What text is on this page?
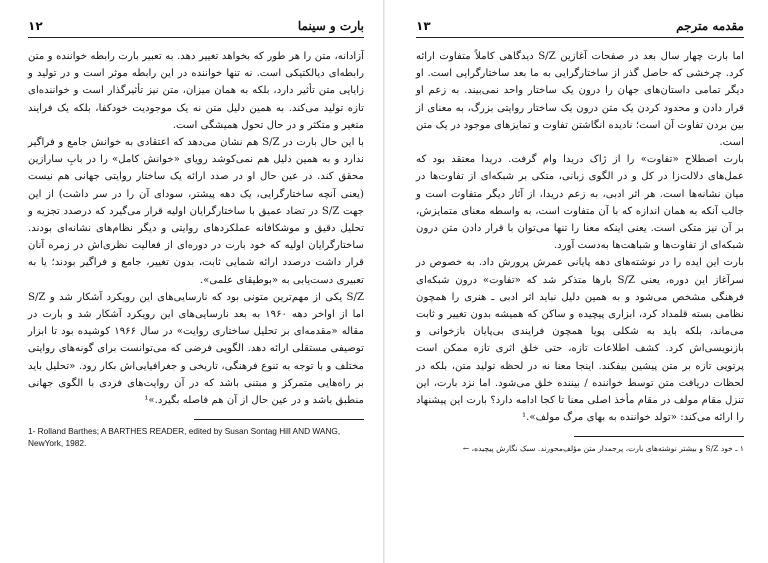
بارت و سینما
۱۲

آزادانه، متن را هر طور که بخواهد تغییر دهد. به تعبیر بارت رابطه خواننده و متن رابطه‌ای دیالکتیکی است. نه تنها خواننده در این رابطه موثر است و در تولید و زایایی متن تأثیر دارد، بلکه به همان میزان، متن نیز تأثیرگذار است و خواننده‌ای تازه تولید می‌کند. به همین دلیل متن نه یک موجودیت خودکفا، بلکه یک فرایند متغیر و متکثر و در حال تحول همیشگی است.

با این حال بارت در S/Z هم نشان می‌دهد که اعتقادی به خوانش جامع و فراگیر ندارد و به همین دلیل هم نمی‌کوشد رویای «خوانش کامل» را در بابِ سارازین محقق کند. در عین حال او در صدد ارائه یک ساختار روایتی جهانی هم نیست (یعنی آنچه ساختارگرایی، یک دهه پیشتر، سودای آن را در سر داشت) از این جهت S/Z در تضاد عمیق با ساختارگرایان اولیه قرار می‌گیرد که درصدد تجزیه و تحلیل دقیق و موشکافانه عملکردهای روایتی و دیگر نظام‌های نشانه‌ای بودند. ساختارگرایان اولیه که خود بارت در دوره‌ای از فعالیت نظری‌اش در زمره آنان قرار داشت درصدد ارائه شمایی ثابت، بدون تغییر، جامع و فراگیر بودند؛ یا به تعبیری دست‌یابی به «بوطیقای علمی».

S/Z یکی از مهم‌ترین متونی بود که نارسایی‌های این رویکرد آشکار شد و S/Z اما از اواخر دهه ۱۹۶۰ به بعد نارسایی‌های این رویکرد آشکار شد و بارت در مقاله «مقدمه‌ای بر تحلیل ساختاری روایت» در سال ۱۹۶۶ کوشیده بود تا ابزار توصیفی مستقلی ارائه دهد. الگویی فرضی که می‌توانست برای گونه‌های روایتی مختلف و با توجه به تنوع فرهنگی، تاریخی و جغرافیایی‌اش بکار رود. «تحلیل باید بر راه‌هایی متمرکز و مبتنی باشد که در آن روایت‌های فردی با الگوی جهانی منطبق باشد و در عین حال از آن هم فاصله بگیرد.»¹

1- Rolland Barthes; A BARTHES READER, edited by Susan Sontag Hill AND WANG, NewYork, 1982.
مقدمه مترجم
۱۳

اما بارت چهار سال بعد در صفحات آغازین S/Z دیدگاهی کاملاً متفاوت ارائه کرد. چرخشی که حاصل گذر از ساختارگرایی به ما بعد ساختارگرایی است. او دیگر تمامی داستان‌های جهان را درون یک ساختار واحد نمی‌بیند. به زعم او قرار دادن و محدود کردن یک متن درون یک ساختار روایتی بزرگ، به معنای از بین بردن تفاوت آن است؛ نادیده انگاشتن تفاوت و تمایزهای موجود در یک متن است.

بارت اصطلاح «تفاوت» را از ژاک دریدا وام گرفت. دریدا معتقد بود که عمل‌های دلالت‌زا در کل و در الگوی زبانی، متکی بر شبکه‌ای از تفاوت‌ها در میان نشانه‌ها است. هر اثر ادبی، به زعم دریدا، از آثار دیگر متفاوت است و جالب آنکه به همان اندازه که با آن متفاوت است، به واسطه معنای متمایزش، بر آن نیز متکی است. یعنی اینکه معنا را تنها می‌توان با قرار دادن متن درون شبکه‌ای از تفاوت‌ها و شباهت‌ها به‌دست آورد.

بارت این ایده را در نوشته‌های دهه پایانی عمرش پرورش داد. به خصوص در سرآغاز این دوره، یعنی S/Z بارها متذکر شد که «تفاوت» درون شبکه‌ای فرهنگی مشخص می‌شود و به همین دلیل نباید اثر ادبی ـ هنری را همچون نظامی بسته قلمداد کرد، ابزاری پیچیده و ساکن که همیشه بدون تغییر و ثابت می‌ماند، بلکه باید به شکلی پویا همچون فرایندی بی‌پایان بازخوانی و بازنویسی‌اش کرد. کشف اطلاعات تازه، حتی خلق اثری تازه ممکن است پرتویی تازه بر متن پیشین بیفکند. اینجا معنا نه در لحظه تولید متن، بلکه در لحظات دریافت متن توسط خواننده / بیننده خلق می‌شود. اما نزد بارت، این تنزل مقام مولف در مقام مأخذ اصلی معنا تا کجا ادامه دارد؟ بارت این پیشنهاد را ارائه می‌کند: «تولد خواننده به بهای مرگ مولف».¹

۱ ـ خود S/Z و بیشتر نوشته‌های بارت، پرجمدار متن مؤلف‌محورند. سبک نگارش پیچیده، ←
